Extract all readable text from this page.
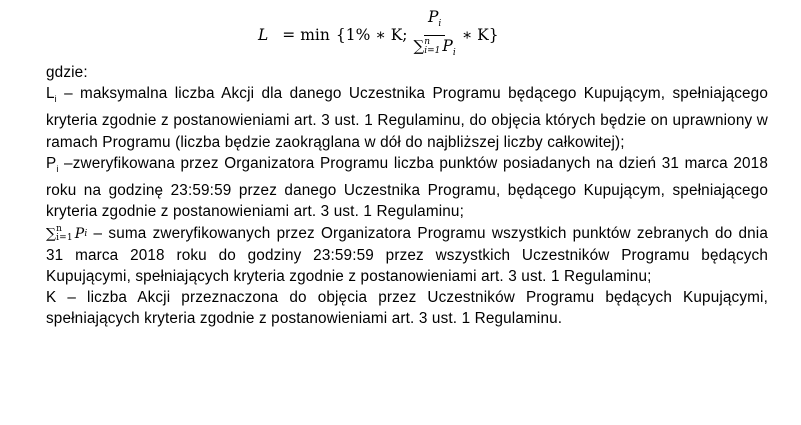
L = min {1% ∗ K; $P_i$
∑ n
i=1 $P_i$ ∗ K}

gdzie:

$L_i$ – maksymalna liczba Akcji dla danego Uczestnika Programu będącego Kupującym, spełniającego kryteria zgodnie z postanowieniami art. 3 ust. 1 Regulaminu, do objęcia których będzie on uprawniony w ramach Programu (liczba będzie zaokrąglana w dół do najbliższej liczby całkowitej);

$P_i$ –zweryfikowana przez Organizatora Programu liczba punktów posiadanych na dzień 31 marca 2018 roku na godzinę 23:59:59 przez danego Uczestnika Programu, będącego Kupującym, spełniającego kryteria zgodnie z postanowieniami art. 3 ust. 1 Regulaminu;

∑ n
i=1 P i – suma zweryfikowanych przez Organizatora Programu wszystkich punktów zebranych do dnia 31 marca 2018 roku do godziny 23:59:59 przez wszystkich Uczestników Programu będących Kupującymi, spełniających kryteria zgodnie z postanowieniami art. 3 ust. 1 Regulaminu;

K – liczba Akcji przeznaczona do objęcia przez Uczestników Programu będących Kupującymi, spełniających kryteria zgodnie z postanowieniami art. 3 ust. 1 Regulaminu.
